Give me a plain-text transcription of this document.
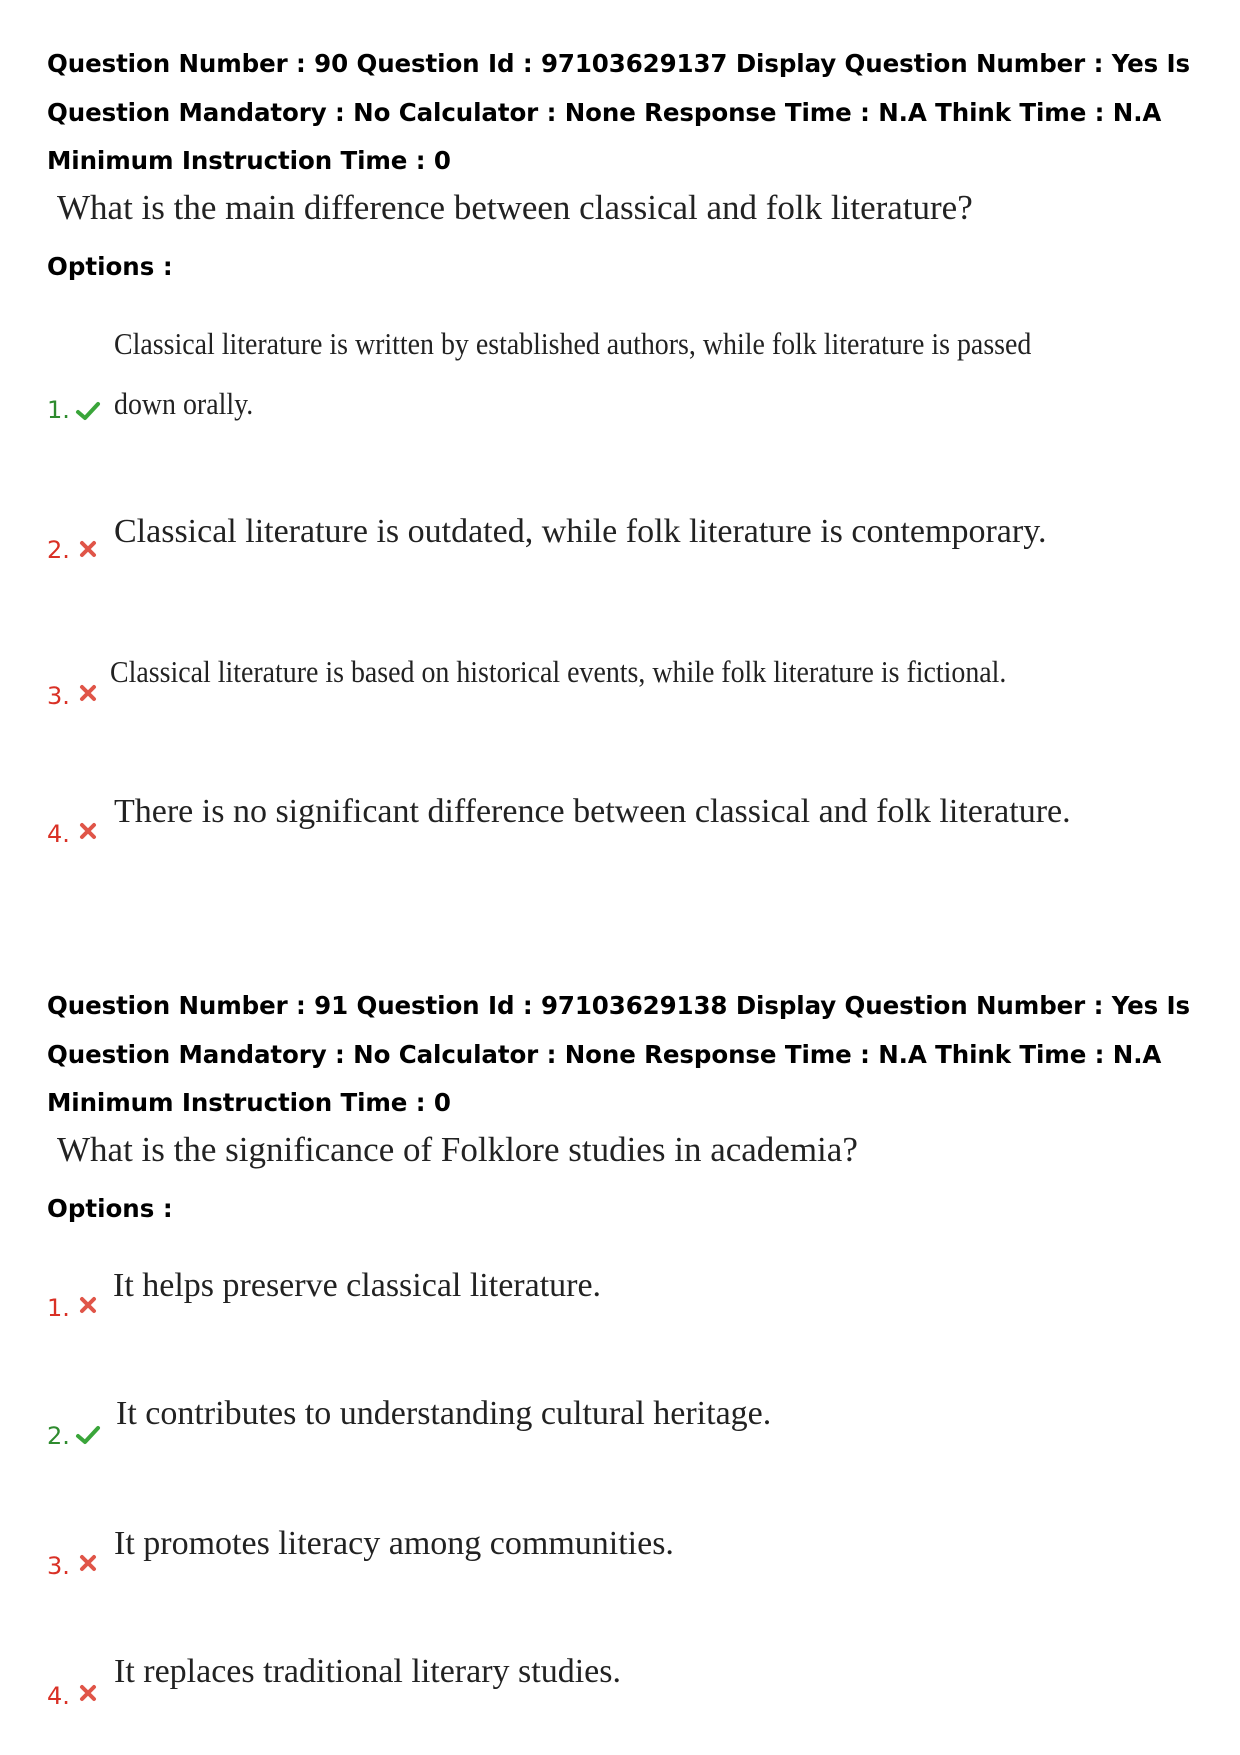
Question Number : 90 Question Id : 97103629137 Display Question Number : Yes Is Question Mandatory : No Calculator : None Response Time : N.A Think Time : N.A Minimum Instruction Time : 0

What is the main difference between classical and folk literature?

Options :

Classical literature is written by established authors, while folk literature is passed
down orally.
1.
2. Classical literature is outdated, while folk literature is contemporary.
3.
Classical literature is based on historical events, while folk literature is fictional.
4.
There is no significant difference between classical and folk literature.

Question Number : 91 Question Id : 97103629138 Display Question Number : Yes Is Question Mandatory : No Calculator : None Response Time : N.A Think Time : N.A Minimum Instruction Time : 0

What is the significance of Folklore studies in academia?

Options :

1.
It helps preserve classical literature.
2.
It contributes to understanding cultural heritage.
3.
It promotes literacy among communities.
4.
It replaces traditional literary studies.
